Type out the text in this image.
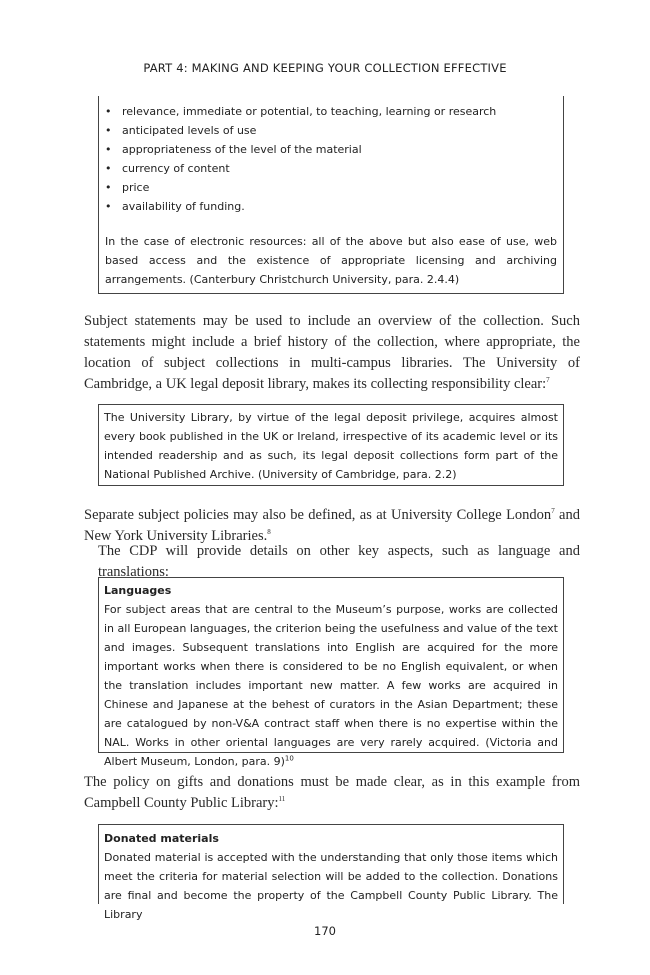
PART 4: MAKING AND KEEPING YOUR COLLECTION EFFECTIVE
• relevance, immediate or potential, to teaching, learning or research
• anticipated levels of use
• appropriateness of the level of the material
• currency of content
• price
• availability of funding.

In the case of electronic resources: all of the above but also ease of use, web based access and the existence of appropriate licensing and archiving arrangements. (Canterbury Christchurch University, para. 2.4.4)

Subject statements may be used to include an overview of the collection. Such statements might include a brief history of the collection, where appropriate, the location of subject collections in multi-campus libraries. The University of Cambridge, a UK legal deposit library, makes its collecting responsibility clear:$^7$

The University Library, by virtue of the legal deposit privilege, acquires almost every book published in the UK or Ireland, irrespective of its academic level or its intended readership and as such, its legal deposit collections form part of the National Published Archive. (University of Cambridge, para. 2.2)

Separate subject policies may also be defined, as at University College London$^7$ and New York University Libraries.$^8$

The CDP will provide details on other key aspects, such as language and translations:

Languages

For subject areas that are central to the Museum’s purpose, works are collected in all European languages, the criterion being the usefulness and value of the text and images. Subsequent translations into English are acquired for the more important works when there is considered to be no English equivalent, or when the translation includes important new matter. A few works are acquired in Chinese and Japanese at the behest of curators in the Asian Department; these are catalogued by non-V&A contract staff when there is no expertise within the NAL. Works in other oriental languages are very rarely acquired. (Victoria and Albert Museum, London, para. 9)$^{10}$

The policy on gifts and donations must be made clear, as in this example from Campbell County Public Library:$^{11}$

Donated materials

Donated material is accepted with the understanding that only those items which meet the criteria for material selection will be added to the collection. Donations are final and become the property of the Campbell County Public Library. The Library

170
